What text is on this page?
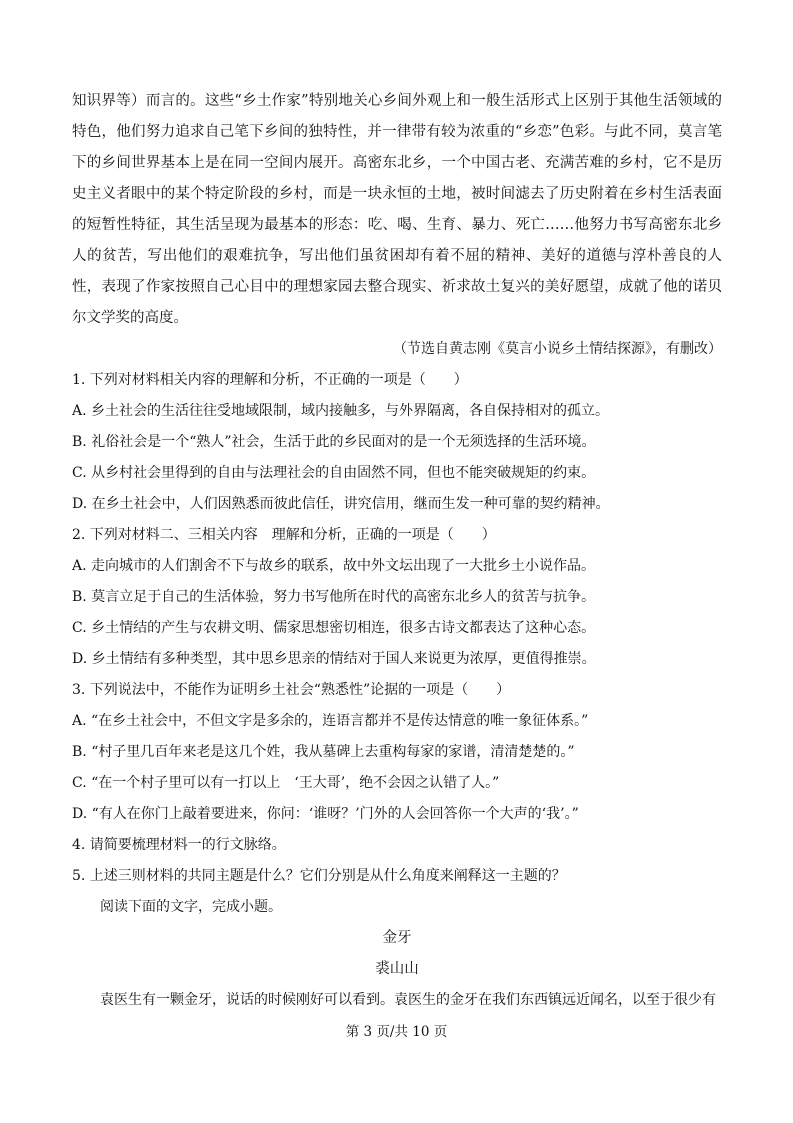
知识界等）而言的。这些“乡土作家”特别地关心乡间外观上和一般生活形式上区别于其他生活领域的特色，他们努力追求自己笔下乡间的独特性，并一律带有较为浓重的“乡恋”色彩。与此不同，莫言笔下的乡间世界基本上是在同一空间内展开。高密东北乡，一个中国古老、充满苦难的乡村，它不是历史主义者眼中的某个特定阶段的乡村，而是一块永恒的土地，被时间滤去了历史附着在乡村生活表面的短暂性特征，其生活呈现为最基本的形态：吃、喝、生育、暴力、死亡……他努力书写高密东北乡人的贫苦，写出他们的艰难抗争，写出他们虽贫困却有着不屈的精神、美好的道德与淳朴善良的人性，表现了作家按照自己心目中的理想家园去整合现实、祈求故土复兴的美好愿望，成就了他的诺贝尔文学奖的高度。

（节选自黄志刚《莫言小说乡土情结探源》，有删改）

1. 下列对材料相关内容的理解和分析，不正确的一项是（　　）

A. 乡土社会的生活往往受地域限制，域内接触多，与外界隔离，各自保持相对的孤立。

B. 礼俗社会是一个“熟人”社会，生活于此的乡民面对的是一个无须选择的生活环境。

C. 从乡村社会里得到的自由与法理社会的自由固然不同，但也不能突破规矩的约束。

D. 在乡土社会中，人们因熟悉而彼此信任，讲究信用，继而生发一种可靠的契约精神。

2. 下列对材料二、三相关内容　理解和分析，正确的一项是（　　）

A. 走向城市的人们割舍不下与故乡的联系，故中外文坛出现了一大批乡土小说作品。

B. 莫言立足于自己的生活体验，努力书写他所在时代的高密东北乡人的贫苦与抗争。

C. 乡土情结的产生与农耕文明、儒家思想密切相连，很多古诗文都表达了这种心态。

D. 乡土情结有多种类型，其中思乡思亲的情结对于国人来说更为浓厚，更值得推崇。

3. 下列说法中，不能作为证明乡土社会“熟悉性”论据的一项是（　　）

A. “在乡土社会中，不但文字是多余的，连语言都并不是传达情意的唯一象征体系。”

B. “村子里几百年来老是这几个姓，我从墓碑上去重构每家的家谱，清清楚楚的。”

C. “在一个村子里可以有一打以上　‘王大哥’，绝不会因之认错了人。”

D. “有人在你门上敲着要进来，你问：‘谁呀？’门外的人会回答你一个大声的‘我’。”

4. 请简要梳理材料一的行文脉络。

5. 上述三则材料的共同主题是什么？它们分别是从什么角度来阐释这一主题的？

阅读下面的文字，完成小题。

金牙

裘山山

袁医生有一颗金牙，说话的时候刚好可以看到。袁医生的金牙在我们东西镇远近闻名，以至于很少有

第 3 页/共 10 页
